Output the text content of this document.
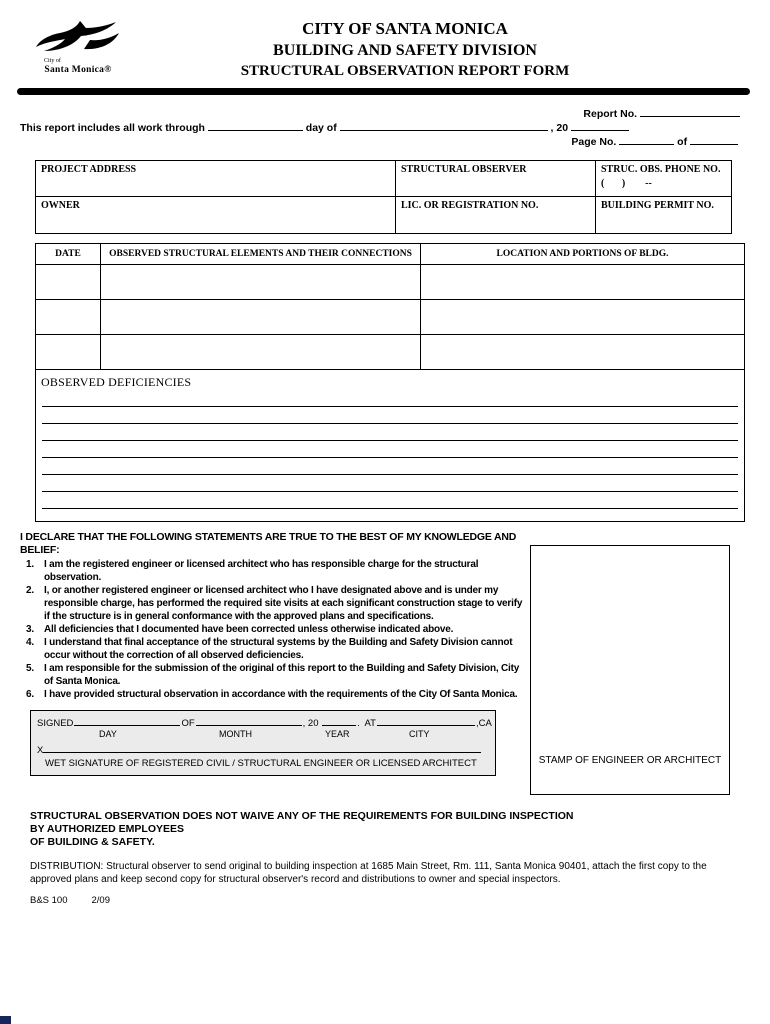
City of
Santa Monica®
CITY OF SANTA MONICA
BUILDING AND SAFETY DIVISION
STRUCTURAL OBSERVATION REPORT FORM
Report No.
This report includes all work through	day of	, 20
Page No.	of
PROJECT ADDRESS	STRUCTURAL OBSERVER	STRUC. OBS. PHONE NO.
(       )        --
OWNER	LIC. OR REGISTRATION NO.	BUILDING PERMIT NO.
DATE	OBSERVED STRUCTURAL ELEMENTS AND THEIR CONNECTIONS	LOCATION AND PORTIONS OF BLDG.
OBSERVED DEFICIENCIES
I DECLARE THAT THE FOLLOWING STATEMENTS ARE TRUE TO THE BEST OF MY KNOWLEDGE AND BELIEF:
1.	I am the registered engineer or licensed architect who has responsible charge for the structural observation.
2.	I, or another registered engineer or licensed architect who I have designated above and is under my responsible charge, has performed the required site visits at each significant construction stage to verify if the structure is in general conformance with the approved plans and specifications.
3.	All deficiencies that I documented have been corrected unless otherwise indicated above.
4.	I understand that final acceptance of the structural systems by the Building and Safety Division cannot occur without the correction of all observed deficiencies.
5.	I am responsible for the submission of the original of this report to the Building and Safety Division, City of Santa Monica.
6.	I have provided structural observation in accordance with the requirements of the City Of Santa Monica.
STAMP OF ENGINEER OR ARCHITECT
SIGNED	OF	, 20	.  AT	,CA
DAY	MONTH	YEAR	CITY
X
WET SIGNATURE OF REGISTERED CIVIL / STRUCTURAL ENGINEER OR LICENSED ARCHITECT
STRUCTURAL OBSERVATION DOES NOT WAIVE ANY OF THE REQUIREMENTS FOR BUILDING INSPECTION
BY AUTHORIZED EMPLOYEES
OF BUILDING & SAFETY.
DISTRIBUTION: Structural observer to send original to building inspection at 1685 Main Street, Rm. 111, Santa Monica 90401, attach the first copy to the approved plans and keep second copy for structural observer's record and distributions to owner and special inspectors.
B&S 100	2/09
